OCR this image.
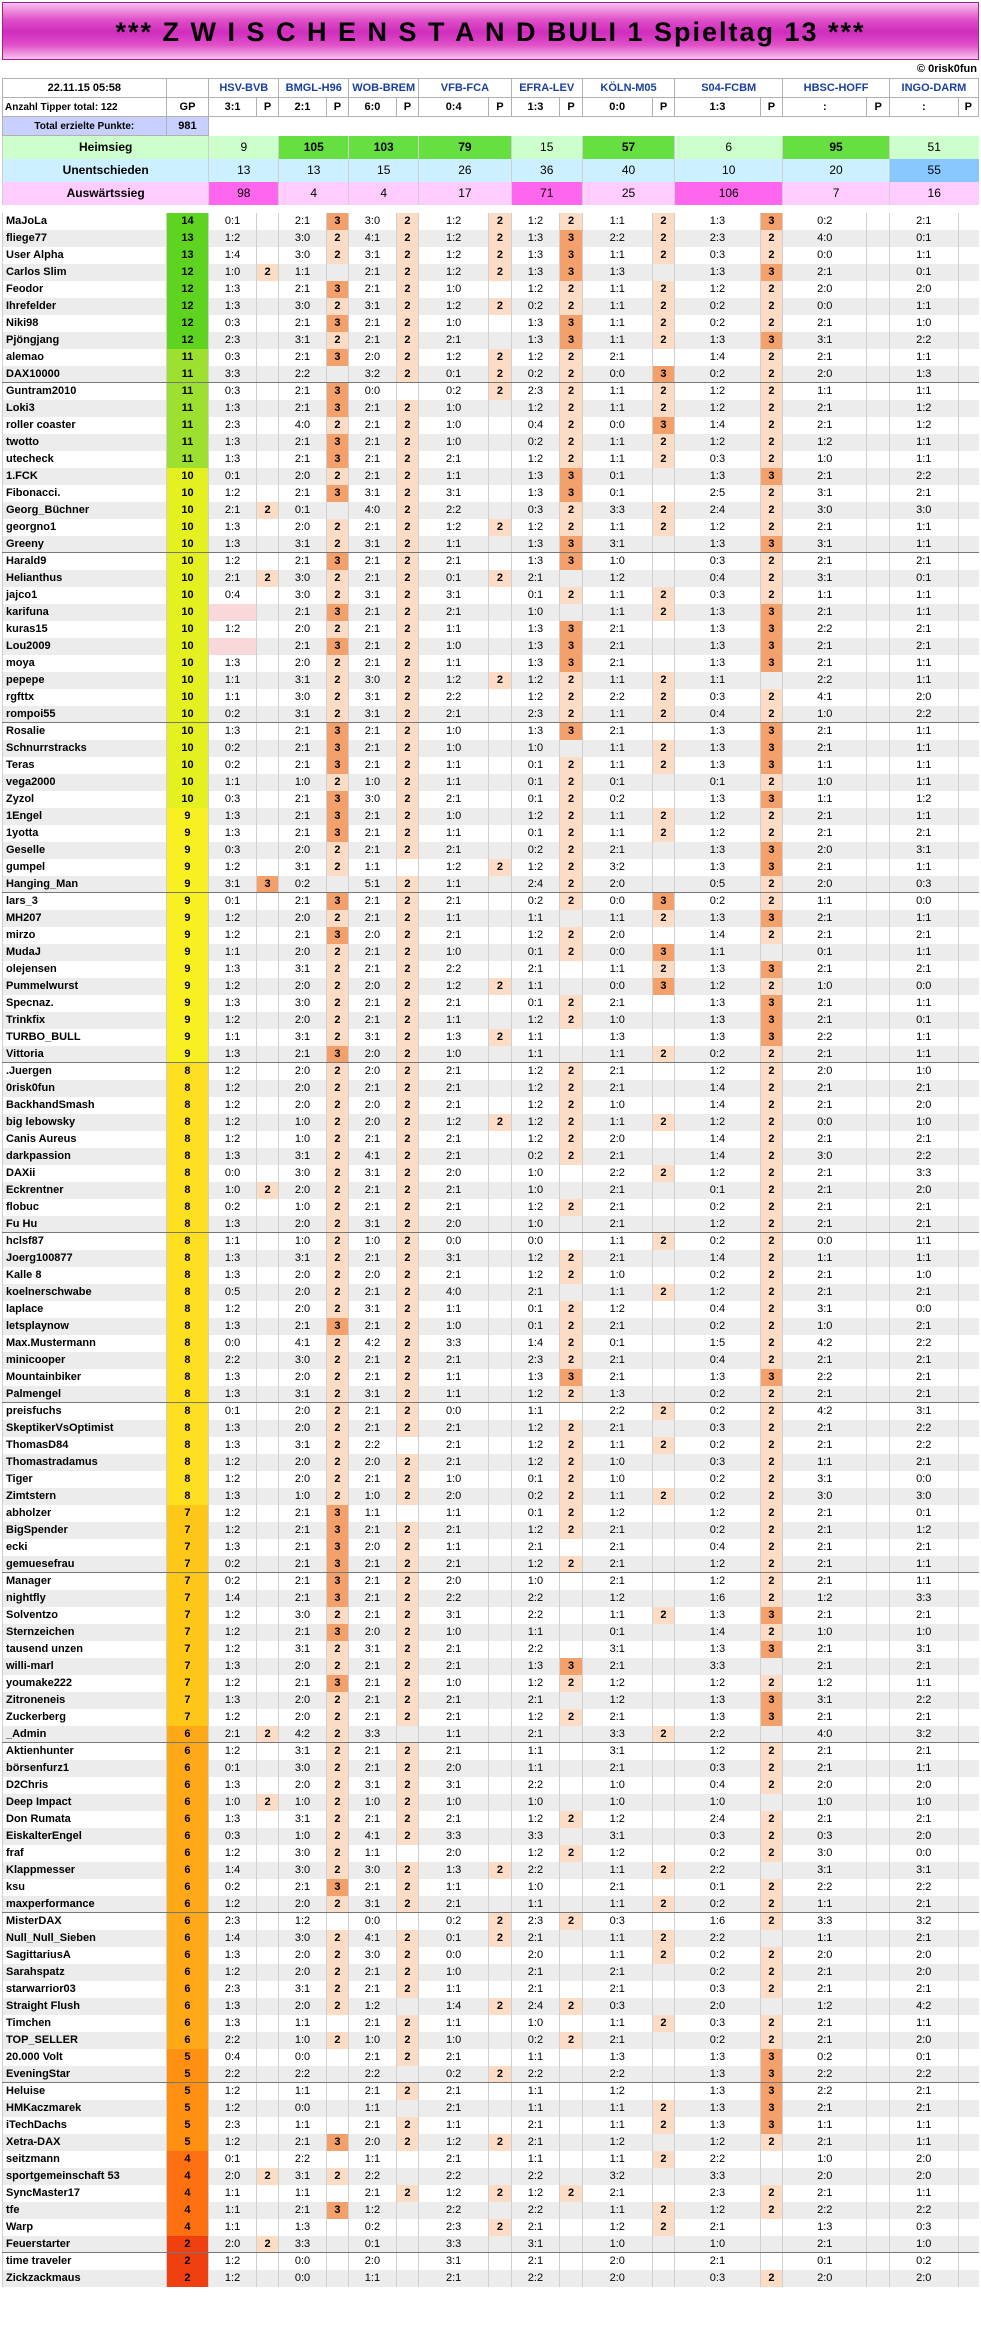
*** Z W I S C H E N S T A N D BULI 1 Spieltag 13 ***
© 0risk0fun
22.11.15 05:58		HSV-BVB		BMGL-H96		WOB-BREM		VFB-FCA		EFRA-LEV		KÖLN-M05		S04-FCBM		HBSC-HOFF		INGO-DARM	
Anzahl Tipper total: 122	GP	3:1	P	2:1	P	6:0	P	0:4	P	1:3	P	0:0	P	1:3	P	:	P	:	P
Total erzielte Punkte:	981																		
Heimsieg		9		105		103		79		15		57		6		95		51	
Unentschieden		13		13		15		26		36		40		10		20		55	
Auswärtssieg		98		4		4		17		71		25		106		7		16	

MaJoLa	14	0:1		2:1	3	3:0	2	1:2	2	1:2	2	1:1	2	1:3	3	0:2		2:1	
fliege77	13	1:2		3:0	2	4:1	2	1:2	2	1:3	3	2:2	2	2:3	2	4:0		0:1	
User Alpha	13	1:4		3:0	2	3:1	2	1:2	2	1:3	3	1:1	2	0:3	2	0:0		1:1	
Carlos Slim	12	1:0	2	1:1		2:1	2	1:2	2	1:3	3	1:3		1:3	3	2:1		0:1	
Feodor	12	1:3		2:1	3	2:1	2	1:0		1:2	2	1:1	2	1:2	2	2:0		2:0	
Ihrefelder	12	1:3		3:0	2	3:1	2	1:2	2	0:2	2	1:1	2	0:2	2	0:0		1:1	
Niki98	12	0:3		2:1	3	2:1	2	1:0		1:3	3	1:1	2	0:2	2	2:1		1:0	
Pjöngjang	12	2:3		3:1	2	2:1	2	2:1		1:3	3	1:1	2	1:3	3	3:1		2:2	
alemao	11	0:3		2:1	3	2:0	2	1:2	2	1:2	2	2:1		1:4	2	2:1		1:1	
DAX10000	11	3:3		2:2		3:2	2	0:1	2	0:2	2	0:0	3	0:2	2	2:0		1:3	
Guntram2010	11	0:3		2:1	3	0:0		0:2	2	2:3	2	1:1	2	1:2	2	1:1		1:1	
Loki3	11	1:3		2:1	3	2:1	2	1:0		1:2	2	1:1	2	1:2	2	2:1		1:2	
roller coaster	11	2:3		4:0	2	2:1	2	1:0		0:4	2	0:0	3	1:4	2	2:1		1:2	
twotto	11	1:3		2:1	3	2:1	2	1:0		0:2	2	1:1	2	1:2	2	1:2		1:1	
utecheck	11	1:3		2:1	3	2:1	2	2:1		1:2	2	1:1	2	0:3	2	1:0		1:1	
1.FCK	10	0:1		2:0	2	2:1	2	1:1		1:3	3	0:1		1:3	3	2:1		2:2	
Fibonacci.	10	1:2		2:1	3	3:1	2	3:1		1:3	3	0:1		2:5	2	3:1		2:1	
Georg_Büchner	10	2:1	2	0:1		4:0	2	2:2		0:3	2	3:3	2	2:4	2	3:0		3:0	
georgno1	10	1:3		2:0	2	2:1	2	1:2	2	1:2	2	1:1	2	1:2	2	2:1		1:1	
Greeny	10	1:3		3:1	2	3:1	2	1:1		1:3	3	3:1		1:3	3	3:1		1:1	
Harald9	10	1:2		2:1	3	2:1	2	2:1		1:3	3	1:0		0:3	2	2:1		2:1	
Helianthus	10	2:1	2	3:0	2	2:1	2	0:1	2	2:1		1:2		0:4	2	3:1		0:1	
jajco1	10	0:4		3:0	2	3:1	2	3:1		0:1	2	1:1	2	0:3	2	1:1		1:1	
karifuna	10			2:1	3	2:1	2	2:1		1:0		1:1	2	1:3	3	2:1		1:1	
kuras15	10	1:2		2:0	2	2:1	2	1:1		1:3	3	2:1		1:3	3	2:2		2:1	
Lou2009	10			2:1	3	2:1	2	1:0		1:3	3	2:1		1:3	3	2:1		2:1	
moya	10	1:3		2:0	2	2:1	2	1:1		1:3	3	2:1		1:3	3	2:1		1:1	
pepepe	10	1:1		3:1	2	3:0	2	1:2	2	1:2	2	1:1	2	1:1		2:2		1:1	
rgfttx	10	1:1		3:0	2	3:1	2	2:2		1:2	2	2:2	2	0:3	2	4:1		2:0	
rompoi55	10	0:2		3:1	2	3:1	2	2:1		2:3	2	1:1	2	0:4	2	1:0		2:2	
Rosalie	10	1:3		2:1	3	2:1	2	1:0		1:3	3	2:1		1:3	3	2:1		1:1	
Schnurrstracks	10	0:2		2:1	3	2:1	2	1:0		1:0		1:1	2	1:3	3	2:1		1:1	
Teras	10	0:2		2:1	3	2:1	2	1:1		0:1	2	1:1	2	1:3	3	1:1		1:1	
vega2000	10	1:1		1:0	2	1:0	2	1:1		0:1	2	0:1		0:1	2	1:0		1:1	
Zyzol	10	0:3		2:1	3	3:0	2	2:1		0:1	2	0:2		1:3	3	1:1		1:2	
1Engel	9	1:3		2:1	3	2:1	2	1:0		1:2	2	1:1	2	1:2	2	2:1		1:1	
1yotta	9	1:3		2:1	3	2:1	2	1:1		0:1	2	1:1	2	1:2	2	2:1		2:1	
Geselle	9	0:3		2:0	2	2:1	2	2:1		0:2	2	2:1		1:3	3	2:0		3:1	
gumpel	9	1:2		3:1	2	1:1		1:2	2	1:2	2	3:2		1:3	3	2:1		1:1	
Hanging_Man	9	3:1	3	0:2		5:1	2	1:1		2:4	2	2:0		0:5	2	2:0		0:3	
lars_3	9	0:1		2:1	3	2:1	2	2:1		0:2	2	0:0	3	0:2	2	1:1		0:0	
MH207	9	1:2		2:0	2	2:1	2	1:1		1:1		1:1	2	1:3	3	2:1		1:1	
mirzo	9	1:2		2:1	3	2:0	2	2:1		1:2	2	2:0		1:4	2	2:1		2:1	
MudaJ	9	1:1		2:0	2	2:1	2	1:0		0:1	2	0:0	3	1:1		0:1		1:1	
olejensen	9	1:3		3:1	2	2:1	2	2:2		2:1		1:1	2	1:3	3	2:1		2:1	
Pummelwurst	9	1:2		2:0	2	2:0	2	1:2	2	1:1		0:0	3	1:2	2	1:0		0:0	
Specnaz.	9	1:3		3:0	2	2:1	2	2:1		0:1	2	2:1		1:3	3	2:1		1:1	
Trinkfix	9	1:2		2:0	2	2:1	2	1:1		1:2	2	1:0		1:3	3	2:1		0:1	
TURBO_BULL	9	1:1		3:1	2	3:1	2	1:3	2	1:1		1:3		1:3	3	2:2		1:1	
Vittoria	9	1:3		2:1	3	2:0	2	1:0		1:1		1:1	2	0:2	2	2:1		1:1	
.Juergen	8	1:2		2:0	2	2:0	2	2:1		1:2	2	2:1		1:2	2	2:0		1:0	
0risk0fun	8	1:2		2:0	2	2:1	2	2:1		1:2	2	2:1		1:4	2	2:1		2:1	
BackhandSmash	8	1:2		2:0	2	2:0	2	2:1		1:2	2	1:0		1:4	2	2:1		2:0	
big lebowsky	8	1:2		1:0	2	2:0	2	1:2	2	1:2	2	1:1	2	1:2	2	0:0		1:0	
Canis Aureus	8	1:2		1:0	2	2:1	2	2:1		1:2	2	2:0		1:4	2	2:1		2:1	
darkpassion	8	1:3		3:1	2	4:1	2	2:1		0:2	2	2:1		1:4	2	3:0		2:2	
DAXii	8	0:0		3:0	2	3:1	2	2:0		1:0		2:2	2	1:2	2	2:1		3:3	
Eckrentner	8	1:0	2	2:0	2	2:1	2	2:1		1:0		2:1		0:1	2	2:1		2:0	
flobuc	8	0:2		1:0	2	2:1	2	2:1		1:2	2	2:1		0:2	2	2:1		2:1	
Fu Hu	8	1:3		2:0	2	3:1	2	2:0		1:0		2:1		1:2	2	2:1		2:1	
hclsf87	8	1:1		1:0	2	1:0	2	0:0		0:0		1:1	2	0:2	2	0:0		1:1	
Joerg100877	8	1:3		3:1	2	2:1	2	3:1		1:2	2	2:1		1:4	2	1:1		1:1	
Kalle 8	8	1:3		2:0	2	2:0	2	2:1		1:2	2	1:0		0:2	2	2:1		1:0	
koelnerschwabe	8	0:5		2:0	2	2:1	2	4:0		2:1		1:1	2	1:2	2	2:1		2:1	
laplace	8	1:2		2:0	2	3:1	2	1:1		0:1	2	1:2		0:4	2	3:1		0:0	
letsplaynow	8	1:3		2:1	3	2:1	2	1:0		0:1	2	2:1		0:2	2	1:0		2:1	
Max.Mustermann	8	0:0		4:1	2	4:2	2	3:3		1:4	2	0:1		1:5	2	4:2		2:2	
minicooper	8	2:2		3:0	2	2:1	2	2:1		2:3	2	2:1		0:4	2	2:1		2:1	
Mountainbiker	8	1:3		2:0	2	2:1	2	1:1		1:3	3	2:1		1:3	3	2:2		2:1	
Palmengel	8	1:3		3:1	2	3:1	2	1:1		1:2	2	1:3		0:2	2	2:1		2:1	
preisfuchs	8	0:1		2:0	2	2:1	2	0:0		1:1		2:2	2	0:2	2	4:2		3:1	
SkeptikerVsOptimist	8	1:3		2:0	2	2:1	2	2:1		1:2	2	2:1		0:3	2	2:1		2:2	
ThomasD84	8	1:3		3:1	2	2:2		2:1		1:2	2	1:1	2	0:2	2	2:1		2:2	
Thomastradamus	8	1:2		2:0	2	2:0	2	2:1		1:2	2	1:0		0:3	2	1:1		2:1	
Tiger	8	1:2		2:0	2	2:1	2	1:0		0:1	2	1:0		0:2	2	3:1		0:0	
Zimtstern	8	1:3		1:0	2	1:0	2	2:0		0:2	2	1:1	2	0:2	2	3:0		3:0	
abholzer	7	1:2		2:1	3	1:1		1:1		0:1	2	1:2		1:2	2	2:1		0:1	
BigSpender	7	1:2		2:1	3	2:1	2	2:1		1:2	2	2:1		0:2	2	2:1		1:2	
ecki	7	1:3		2:1	3	2:0	2	1:1		2:1		2:1		0:4	2	2:1		2:1	
gemuesefrau	7	0:2		2:1	3	2:1	2	2:1		1:2	2	2:1		1:2	2	2:1		1:1	
Manager	7	0:2		2:1	3	2:1	2	2:0		1:0		2:1		1:2	2	2:1		1:1	
nightfly	7	1:4		2:1	3	2:1	2	2:2		2:2		1:2		1:6	2	1:2		3:3	
Solventzo	7	1:2		3:0	2	2:1	2	3:1		2:2		1:1	2	1:3	3	2:1		2:1	
Sternzeichen	7	1:2		2:1	3	2:0	2	1:0		1:1		0:1		1:4	2	1:0		1:0	
tausend unzen	7	1:2		3:1	2	3:1	2	2:1		2:2		3:1		1:3	3	2:1		3:1	
willi-marl	7	1:3		2:0	2	2:1	2	2:1		1:3	3	2:1		3:3		2:1		2:1	
youmake222	7	1:2		2:1	3	2:1	2	1:0		1:2	2	1:2		1:2	2	1:2		1:1	
Zitroneneis	7	1:3		2:0	2	2:1	2	2:1		2:1		1:2		1:3	3	3:1		2:2	
Zuckerberg	7	1:2		2:0	2	2:1	2	2:1		1:2	2	2:1		1:3	3	2:1		2:1	
_Admin	6	2:1	2	4:2	2	3:3		1:1		2:1		3:3	2	2:2		4:0		3:2	
Aktienhunter	6	1:2		3:1	2	2:1	2	2:1		1:1		3:1		1:2	2	2:1		2:1	
börsenfurz1	6	0:1		3:0	2	2:1	2	2:0		1:1		2:1		0:3	2	2:1		1:1	
D2Chris	6	1:3		2:0	2	3:1	2	3:1		2:2		1:0		0:4	2	2:0		2:0	
Deep Impact	6	1:0	2	1:0	2	1:0	2	1:0		1:0		1:0		1:0		1:0		1:0	
Don Rumata	6	1:3		3:1	2	2:1	2	2:1		1:2	2	1:2		2:4	2	2:1		2:1	
EiskalterEngel	6	0:3		1:0	2	4:1	2	3:3		3:3		3:1		0:3	2	0:3		2:0	
fraf	6	1:2		3:0	2	1:1		2:0		1:2	2	1:2		0:2	2	3:0		0:0	
Klappmesser	6	1:4		3:0	2	3:0	2	1:3	2	2:2		1:1	2	2:2		3:1		3:1	
ksu	6	0:2		2:1	3	2:1	2	1:1		1:0		2:1		0:1	2	2:2		2:2	
maxperformance	6	1:2		2:0	2	3:1	2	2:1		1:1		1:1	2	0:2	2	1:1		2:1	
MisterDAX	6	2:3		1:2		0:0		0:2	2	2:3	2	0:3		1:6	2	3:3		3:2	
Null_Null_Sieben	6	1:4		3:0	2	4:1	2	0:1	2	2:1		1:1	2	2:2		1:1		2:1	
SagittariusA	6	1:3		2:0	2	3:0	2	0:0		2:0		1:1	2	0:2	2	2:0		2:0	
Sarahspatz	6	1:2		2:0	2	2:1	2	1:0		2:1		2:1		0:2	2	2:1		2:0	
starwarrior03	6	2:3		3:1	2	2:1	2	1:1		2:1		2:1		0:3	2	2:1		2:1	
Straight Flush	6	1:3		2:0	2	1:2		1:4	2	2:4	2	0:3		2:0		1:2		4:2	
Timchen	6	1:3		1:1		2:1	2	1:1		1:0		1:1	2	0:3	2	2:1		1:1	
TOP_SELLER	6	2:2		1:0	2	1:0	2	1:0		0:2	2	2:1		0:2	2	2:1		2:0	
20.000 Volt	5	0:4		0:0		2:1	2	2:1		1:1		1:3		1:3	3	0:2		0:1	
EveningStar	5	2:2		2:2		2:2		0:2	2	2:2		2:2		1:3	3	2:2		2:2	
Heluise	5	1:2		1:1		2:1	2	2:1		1:1		1:2		1:3	3	2:2		2:1	
HMKaczmarek	5	1:2		0:0		1:1		2:1		1:1		1:1	2	1:3	3	2:1		2:1	
iTechDachs	5	2:3		1:1		2:1	2	1:1		2:1		1:1	2	1:3	3	1:1		1:1	
Xetra-DAX	5	1:2		2:1	3	2:0	2	1:2	2	2:1		1:2		1:2	2	2:1		1:1	
seitzmann	4	0:1		2:2		1:1		2:1		1:1		1:1	2	2:2		1:0		2:0	
sportgemeinschaft 53	4	2:0	2	3:1	2	2:2		2:2		2:2		3:2		3:3		2:0		2:0	
SyncMaster17	4	1:1		1:1		2:1	2	1:2	2	1:2	2	2:1		2:3	2	2:1		1:1	
tfe	4	1:1		2:1	3	1:2		2:2		2:2		1:1	2	1:2	2	2:2		2:2	
Warp	4	1:1		1:3		0:2		2:3	2	2:1		1:2	2	2:1		1:3		0:3	
Feuerstarter	2	2:0	2	3:3		0:1		3:3		3:1		1:0		1:0		2:1		1:0	
time traveler	2	1:2		0:0		2:0		3:1		2:1		2:0		2:1		0:1		0:2	
Zickzackmaus	2	1:2		0:0		1:1		2:1		2:2		2:0		0:3	2	2:0		2:0	
